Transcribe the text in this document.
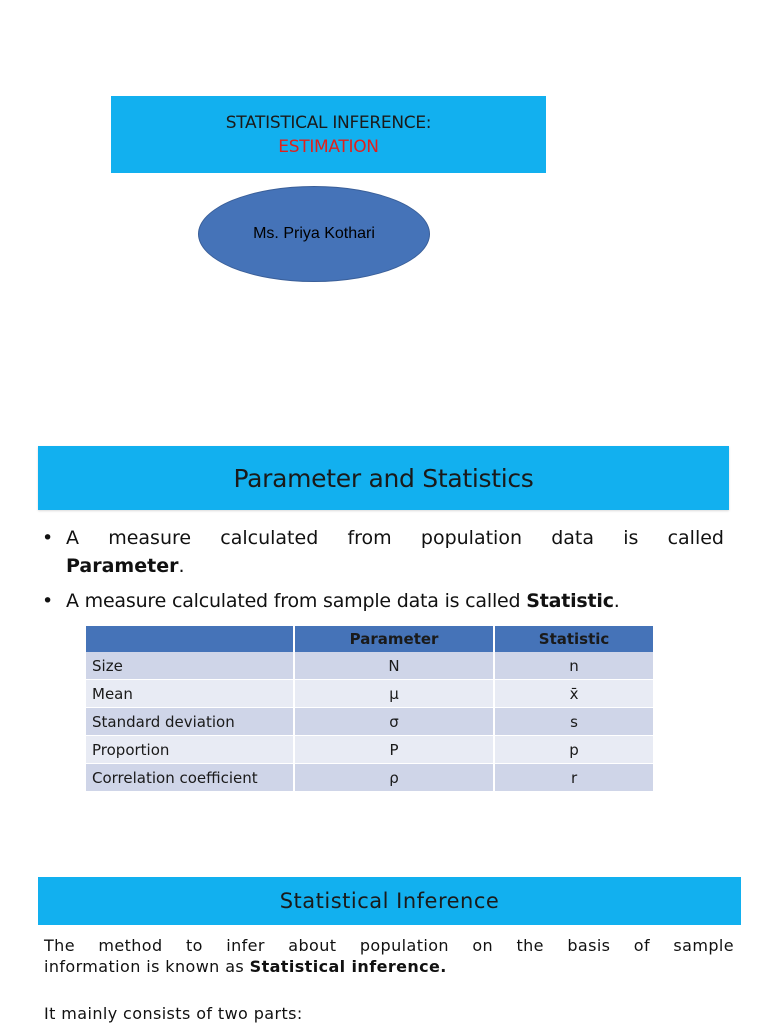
STATISTICAL INFERENCE:
ESTIMATION
Ms. Priya Kothari
Parameter and Statistics
• A measure calculated from population data is called
Parameter.
• A measure calculated from sample data is called Statistic.
	Parameter	Statistic
Size	N	n
Mean	μ	x̄
Standard deviation	σ	s
Proportion	P	p
Correlation coefficient	ρ	r
Statistical Inference
The method to infer about population on the basis of sample
information is known as Statistical inference.
It mainly consists of two parts:
